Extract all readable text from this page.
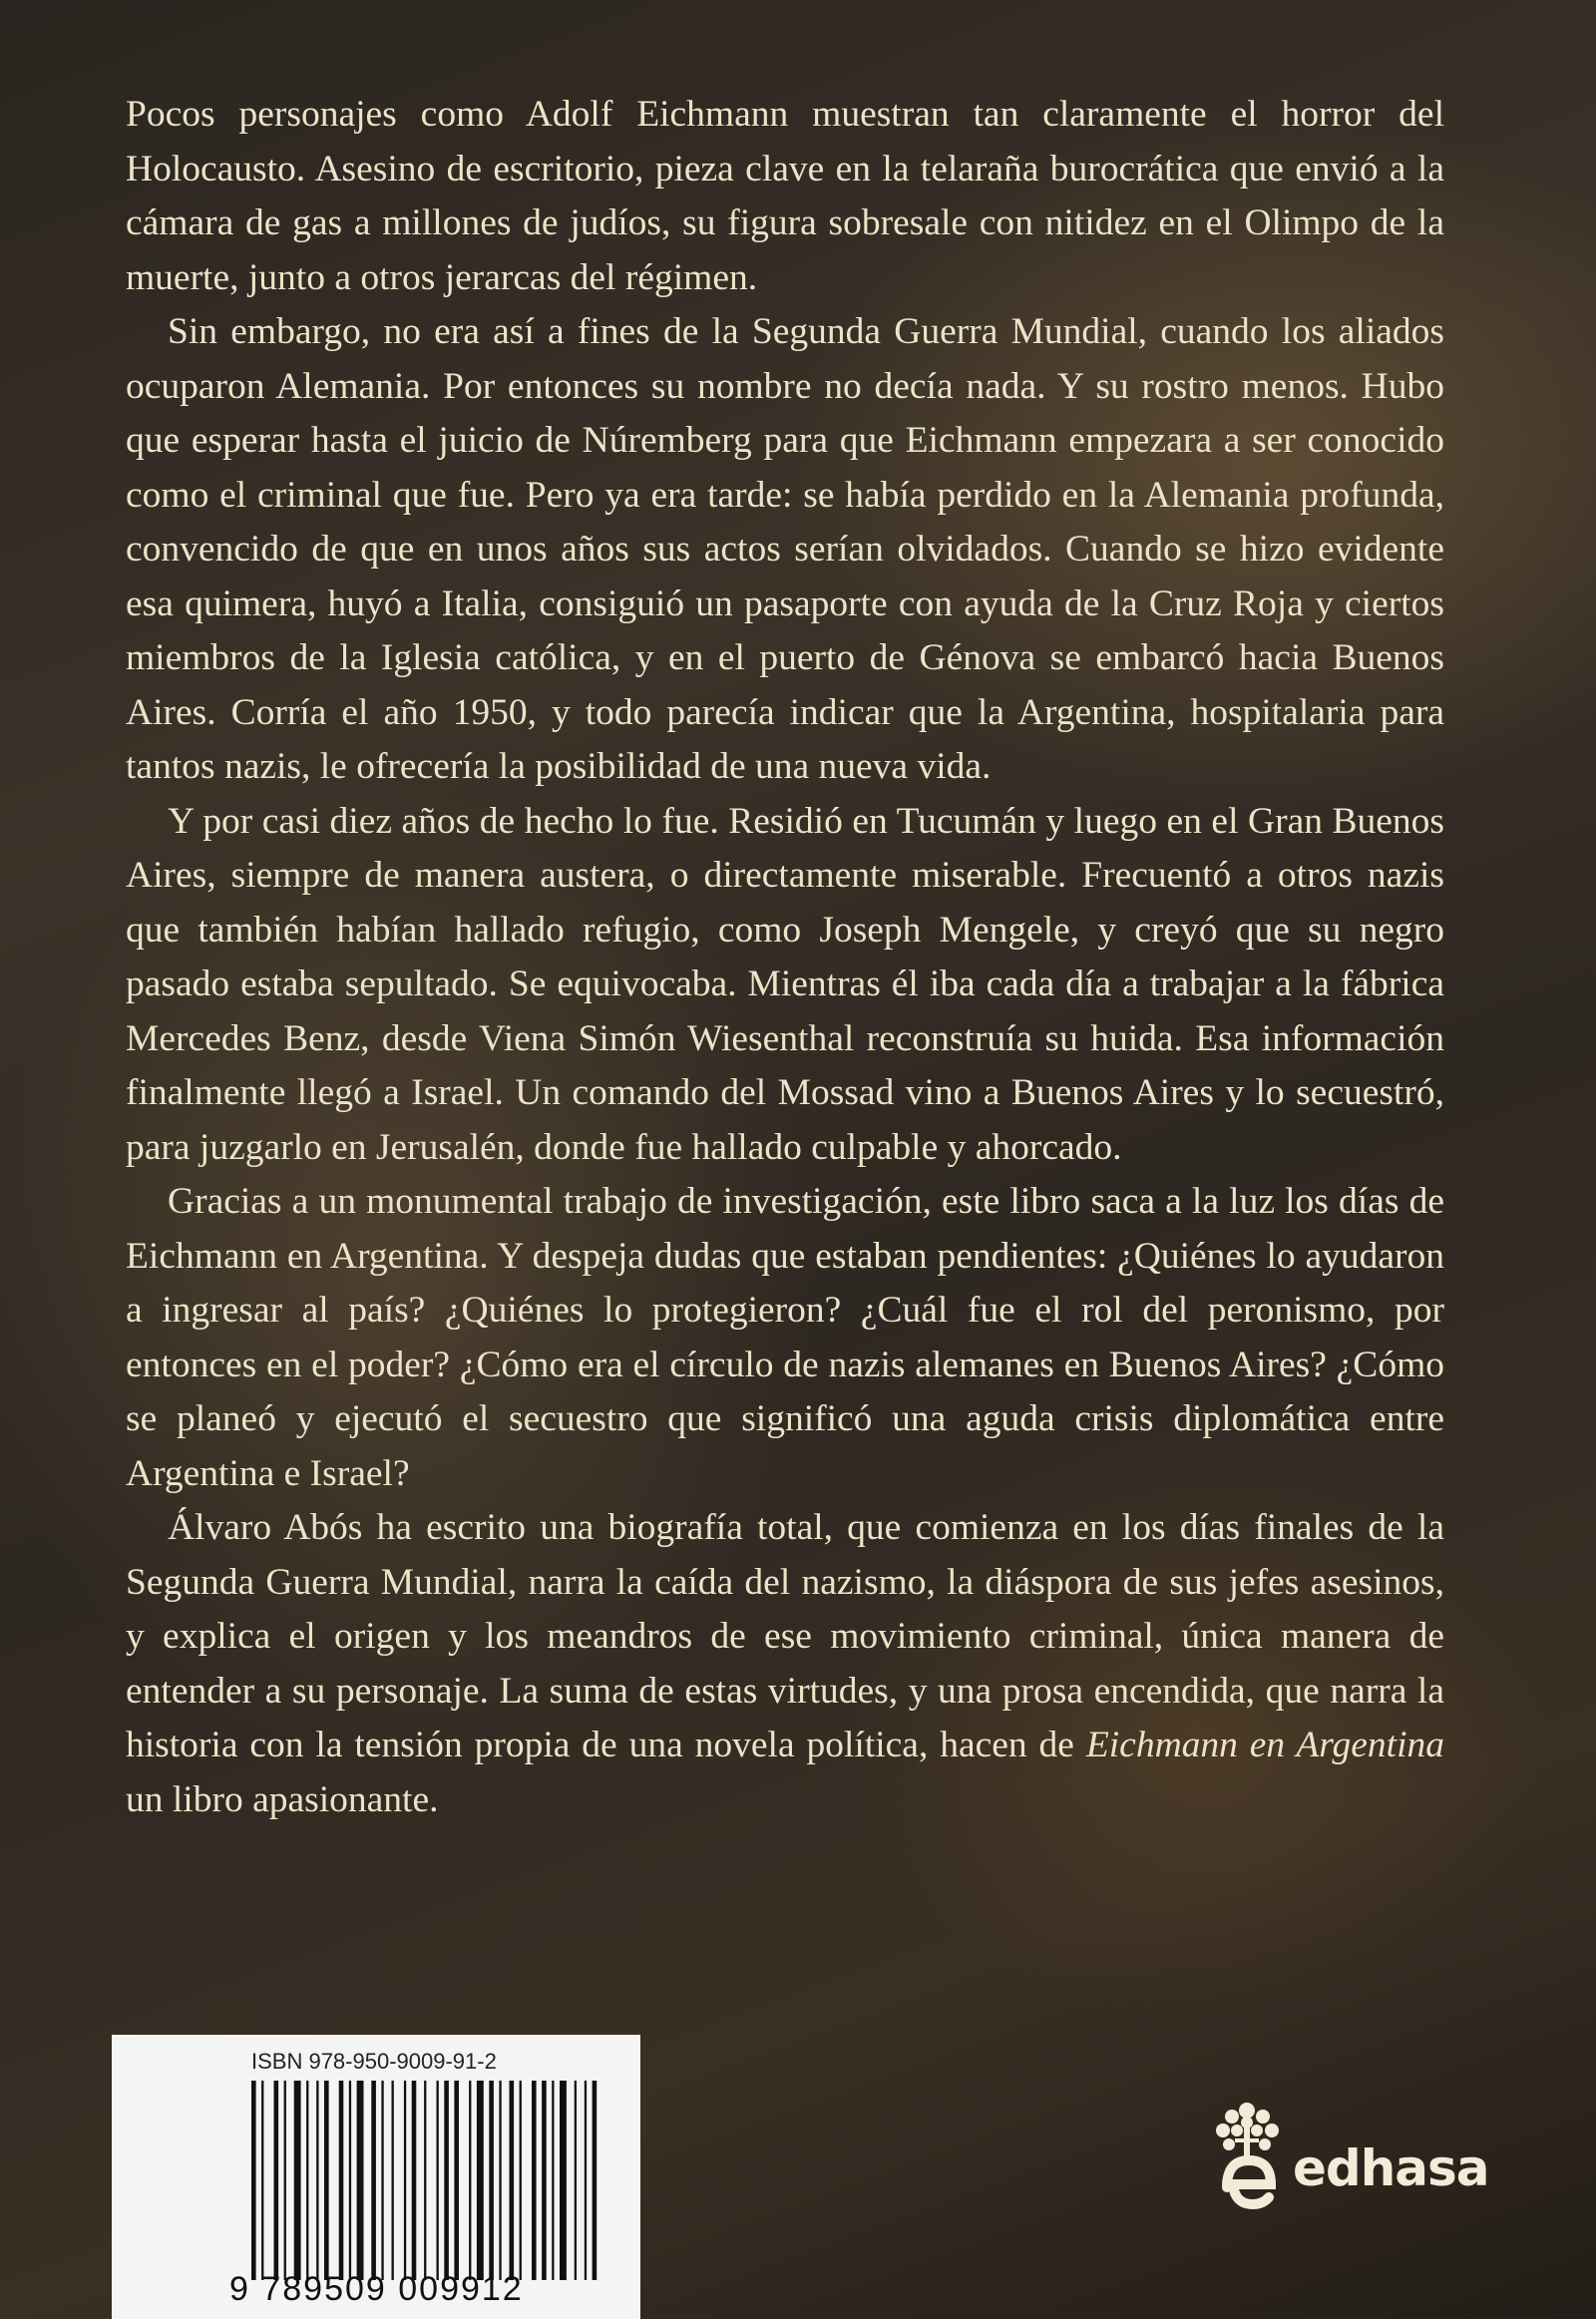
Pocos personajes como Adolf Eichmann muestran tan claramente el horror del Holocausto. Asesino de escritorio, pieza clave en la telaraña burocrática que envió a la cámara de gas a millones de judíos, su figura sobresale con nitidez en el Olimpo de la muerte, junto a otros jerarcas del régimen.

Sin embargo, no era así a fines de la Segunda Guerra Mundial, cuando los aliados ocuparon Alemania. Por entonces su nombre no decía nada. Y su rostro menos. Hubo que esperar hasta el juicio de Núremberg para que Eichmann empezara a ser conocido como el criminal que fue. Pero ya era tarde: se había perdido en la Alemania profunda, convencido de que en unos años sus actos serían olvidados. Cuando se hizo evidente esa quimera, huyó a Italia, consiguió un pasaporte con ayuda de la Cruz Roja y ciertos miembros de la Iglesia católica, y en el puerto de Génova se embarcó hacia Buenos Aires. Corría el año 1950, y todo parecía indicar que la Argentina, hospitalaria para tantos nazis, le ofrecería la posibilidad de una nueva vida.

Y por casi diez años de hecho lo fue. Residió en Tucumán y luego en el Gran Buenos Aires, siempre de manera austera, o directamente miserable. Frecuentó a otros nazis que también habían hallado refugio, como Joseph Mengele, y creyó que su negro pasado estaba sepultado. Se equivocaba. Mientras él iba cada día a trabajar a la fábrica Mercedes Benz, desde Viena Simón Wiesenthal reconstruía su huida. Esa información finalmente llegó a Israel. Un comando del Mossad vino a Buenos Aires y lo secuestró, para juzgarlo en Jerusalén, donde fue hallado culpable y ahorcado.

Gracias a un monumental trabajo de investigación, este libro saca a la luz los días de Eichmann en Argentina. Y despeja dudas que estaban pendientes: ¿Quiénes lo ayudaron a ingresar al país? ¿Quiénes lo protegieron? ¿Cuál fue el rol del peronismo, por entonces en el poder? ¿Cómo era el círculo de nazis alemanes en Buenos Aires? ¿Cómo se planeó y ejecutó el secuestro que significó una aguda crisis diplomática entre Argentina e Israel?

Álvaro Abós ha escrito una biografía total, que comienza en los días finales de la Segunda Guerra Mundial, narra la caída del nazismo, la diáspora de sus jefes asesinos, y explica el origen y los meandros de ese movimiento criminal, única manera de entender a su personaje. La suma de estas virtudes, y una prosa encendida, que narra la historia con la tensión propia de una novela política, hacen de Eichmann en Argentina un libro apasionante.

ISBN 978-950-9009-91-2
9 789509 009912
edhasa
